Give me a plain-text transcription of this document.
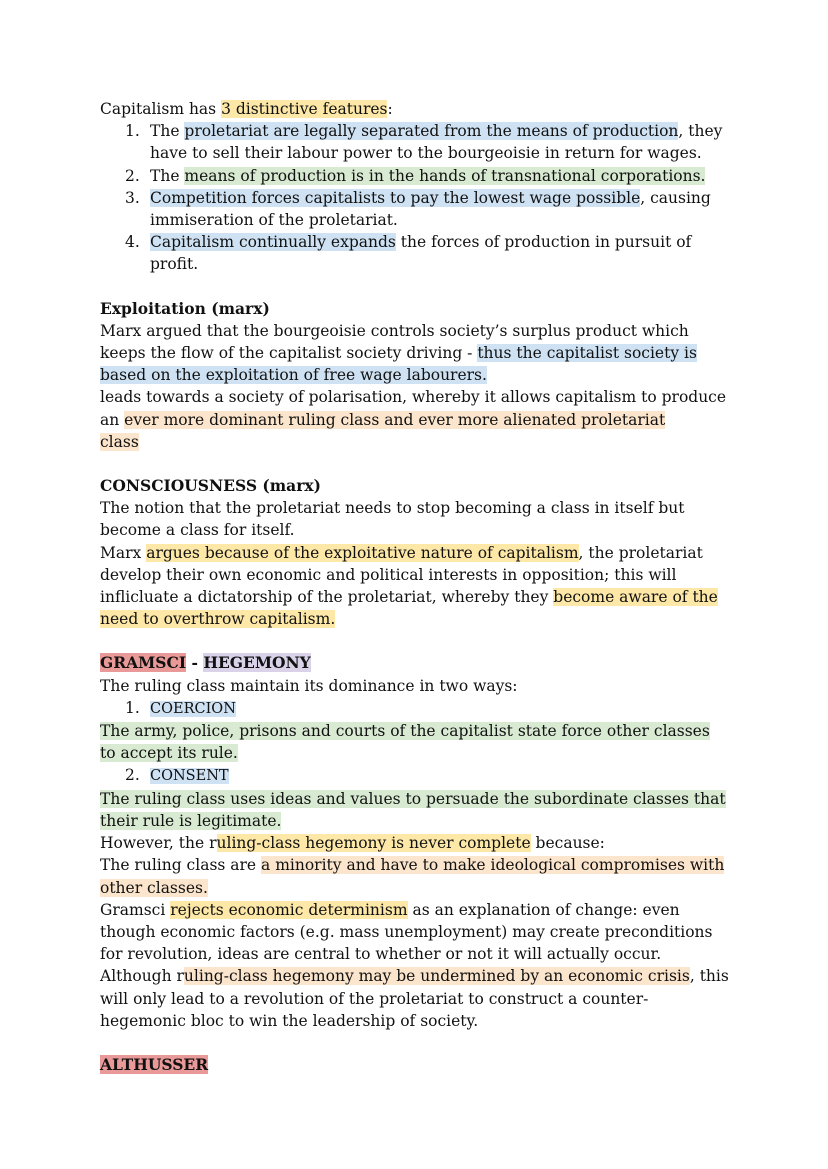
Capitalism has 3 distinctive features:

1. The proletariat are legally separated from the means of production, they have to sell their labour power to the bourgeoisie in return for wages.
2. The means of production is in the hands of transnational corporations.
3. Competition forces capitalists to pay the lowest wage possible, causing immiseration of the proletariat.
4. Capitalism continually expands the forces of production in pursuit of profit.

Exploitation (marx)

Marx argued that the bourgeoisie controls society’s surplus product which keeps the flow of the capitalist society driving - thus the capitalist society is based on the exploitation of free wage labourers.

leads towards a society of polarisation, whereby it allows capitalism to produce an ever more dominant ruling class and ever more alienated proletariat

class

CONSCIOUSNESS (marx)

The notion that the proletariat needs to stop becoming a class in itself but become a class for itself.

Marx argues because of the exploitative nature of capitalism, the proletariat develop their own economic and political interests in opposition; this will inflicluate a dictatorship of the proletariat, whereby they become aware of the need to overthrow capitalism.

GRAMSCI - HEGEMONY

The ruling class maintain its dominance in two ways:

1. COERCION

The army, police, prisons and courts of the capitalist state force other classes to accept its rule.

2. CONSENT

The ruling class uses ideas and values to persuade the subordinate classes that their rule is legitimate.

However, the ruling-class hegemony is never complete because:

The ruling class are a minority and have to make ideological compromises with other classes.

Gramsci rejects economic determinism as an explanation of change: even though economic factors (e.g. mass unemployment) may create preconditions for revolution, ideas are central to whether or not it will actually occur.

Although ruling-class hegemony may be undermined by an economic crisis, this will only lead to a revolution of the proletariat to construct a counter-hegemonic bloc to win the leadership of society.

ALTHUSSER
